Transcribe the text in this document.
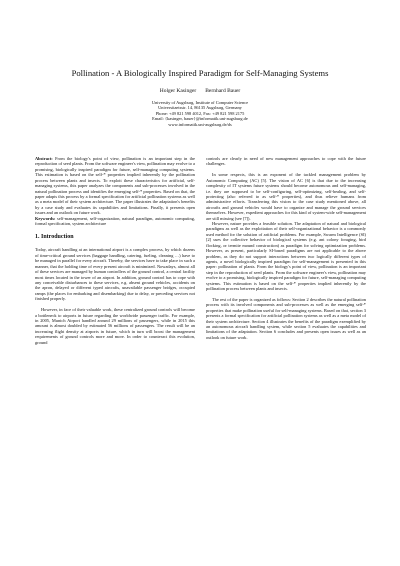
Pollination - A Biologically Inspired Paradigm for Self-Managing Systems
Holger Kasinger Bernhard Bauer
University of Augsburg, Institute of Computer Science
Universitaetsstr. 14, 86135 Augsburg, Germany
Phone: +49 821 598 4012, Fax: +49 821 598 2175
Email: {kasinger, bauer}@informatik.uni-augsburg.de
www.informatik.uni-augsburg.de/ds

Abstract: From the biology's point of view, pollination is an important step in the reproduction of seed plants. From the software engineer's view, pollination may evolve to a promising, biologically inspired paradigm for future, self-managing computing systems. This estimation is based on the self-* properties implied inherently by the pollination process between plants and insects. To exploit these characteristics for artificial, self-managing systems, this paper analyzes the components and sub-processes involved in the natural pollination process and identifies the emerging self-* properties. Based on that, the paper adapts this process by a formal specification for artificial pollination systems as well as a meta model of their system architecture. The paper illustrates the adaptation's benefits by a case study and evaluates its capabilities and limitations. Finally, it presents open issues and an outlook on future work.

Keywords: self-management, self-organization, natural paradigm, autonomic computing, formal specification, system architecture

1. Introduction

Today, aircraft handling at an international airport is a complex process, by which dozens of time-critical ground services (baggage handling, catering, fueling, cleaning …) have to be managed in parallel for every aircraft. Thereby, the services have to take place in such a manner, that the holding time of every present aircraft is minimized. Nowadays, almost all of these services are managed by human controllers of the ground control, a central facility most times located in the tower of an airport. In addition, ground control has to cope with any conceivable disturbances to these services, e.g. absent ground vehicles, accidents on the apron, delayed or different typed aircrafts, unavailable passenger bridges, occupied ramps (the places for embarking and disembarking) due to delay, or preceding services not finished properly.

However, in face of their valuable work, these centralized ground controls will become a bottleneck to airports in future regarding the worldwide passenger traffic. For example, in 2005, Munich Airport handled around 29 millions of passengers, while in 2015 this amount is almost doubled by estimated 56 millions of passengers. The result will be an increasing flight density at airports in future, which in turn will boost the management requirements of ground controls more and more. In order to counteract this evolution, ground

controls are clearly in need of new management approaches to cope with the future challenges.

In some respects, this is an exponent of the tackled management problem by Autonomic Computing (AC) [5]. The vision of AC [6] is that due to the increasing complexity of IT systems future systems should become autonomous and self-managing, i.e. they are supposed to be self-configuring, self-optimizing, self-healing, and self-protecting (also referred to as self-* properties), and thus relieve humans from administrative efforts. Transferring this vision to the case study mentioned above, all aircrafts and ground vehicles would have to organize and manage the ground services themselves. However, expedient approaches for this kind of system-wide self-management are still missing (see [7]).

However, nature provides a feasible solution. The adaptation of natural and biological paradigms as well as the exploitation of their self-organizational behavior is a commonly used method for the solution of artificial problems. For example, Swarm Intelligence (SI) [2] uses the collective behavior of biological systems (e.g. ant colony foraging, bird flocking, or termite mound construction) as paradigm for solving optimization problems. However, as present, particularly SI-based paradigms are not applicable to the above problem, as they do not support interactions between two logically different types of agents, a novel biologically inspired paradigm for self-management is presented in this paper: pollination of plants. From the biology's point of view, pollination is an important step in the reproduction of seed plants. From the software engineer's view, pollination may evolve to a promising, biologically inspired paradigm for future, self-managing computing systems. This estimation is based on the self-* properties implied inherently by the pollination process between plants and insects.

The rest of the paper is organized as follows: Section 2 describes the natural pollination process with its involved components and sub-processes as well as the emerging self-* properties that make pollination useful for self-managing systems. Based on that, section 3 presents a formal specification for artificial pollination systems as well as a meta model of their system architecture. Section 4 illustrates the benefits of the paradigm exemplified by an autonomous aircraft handling system, while section 5 evaluates the capabilities and limitations of the adaptation. Section 6 concludes and presents open issues as well as an outlook on future work.
